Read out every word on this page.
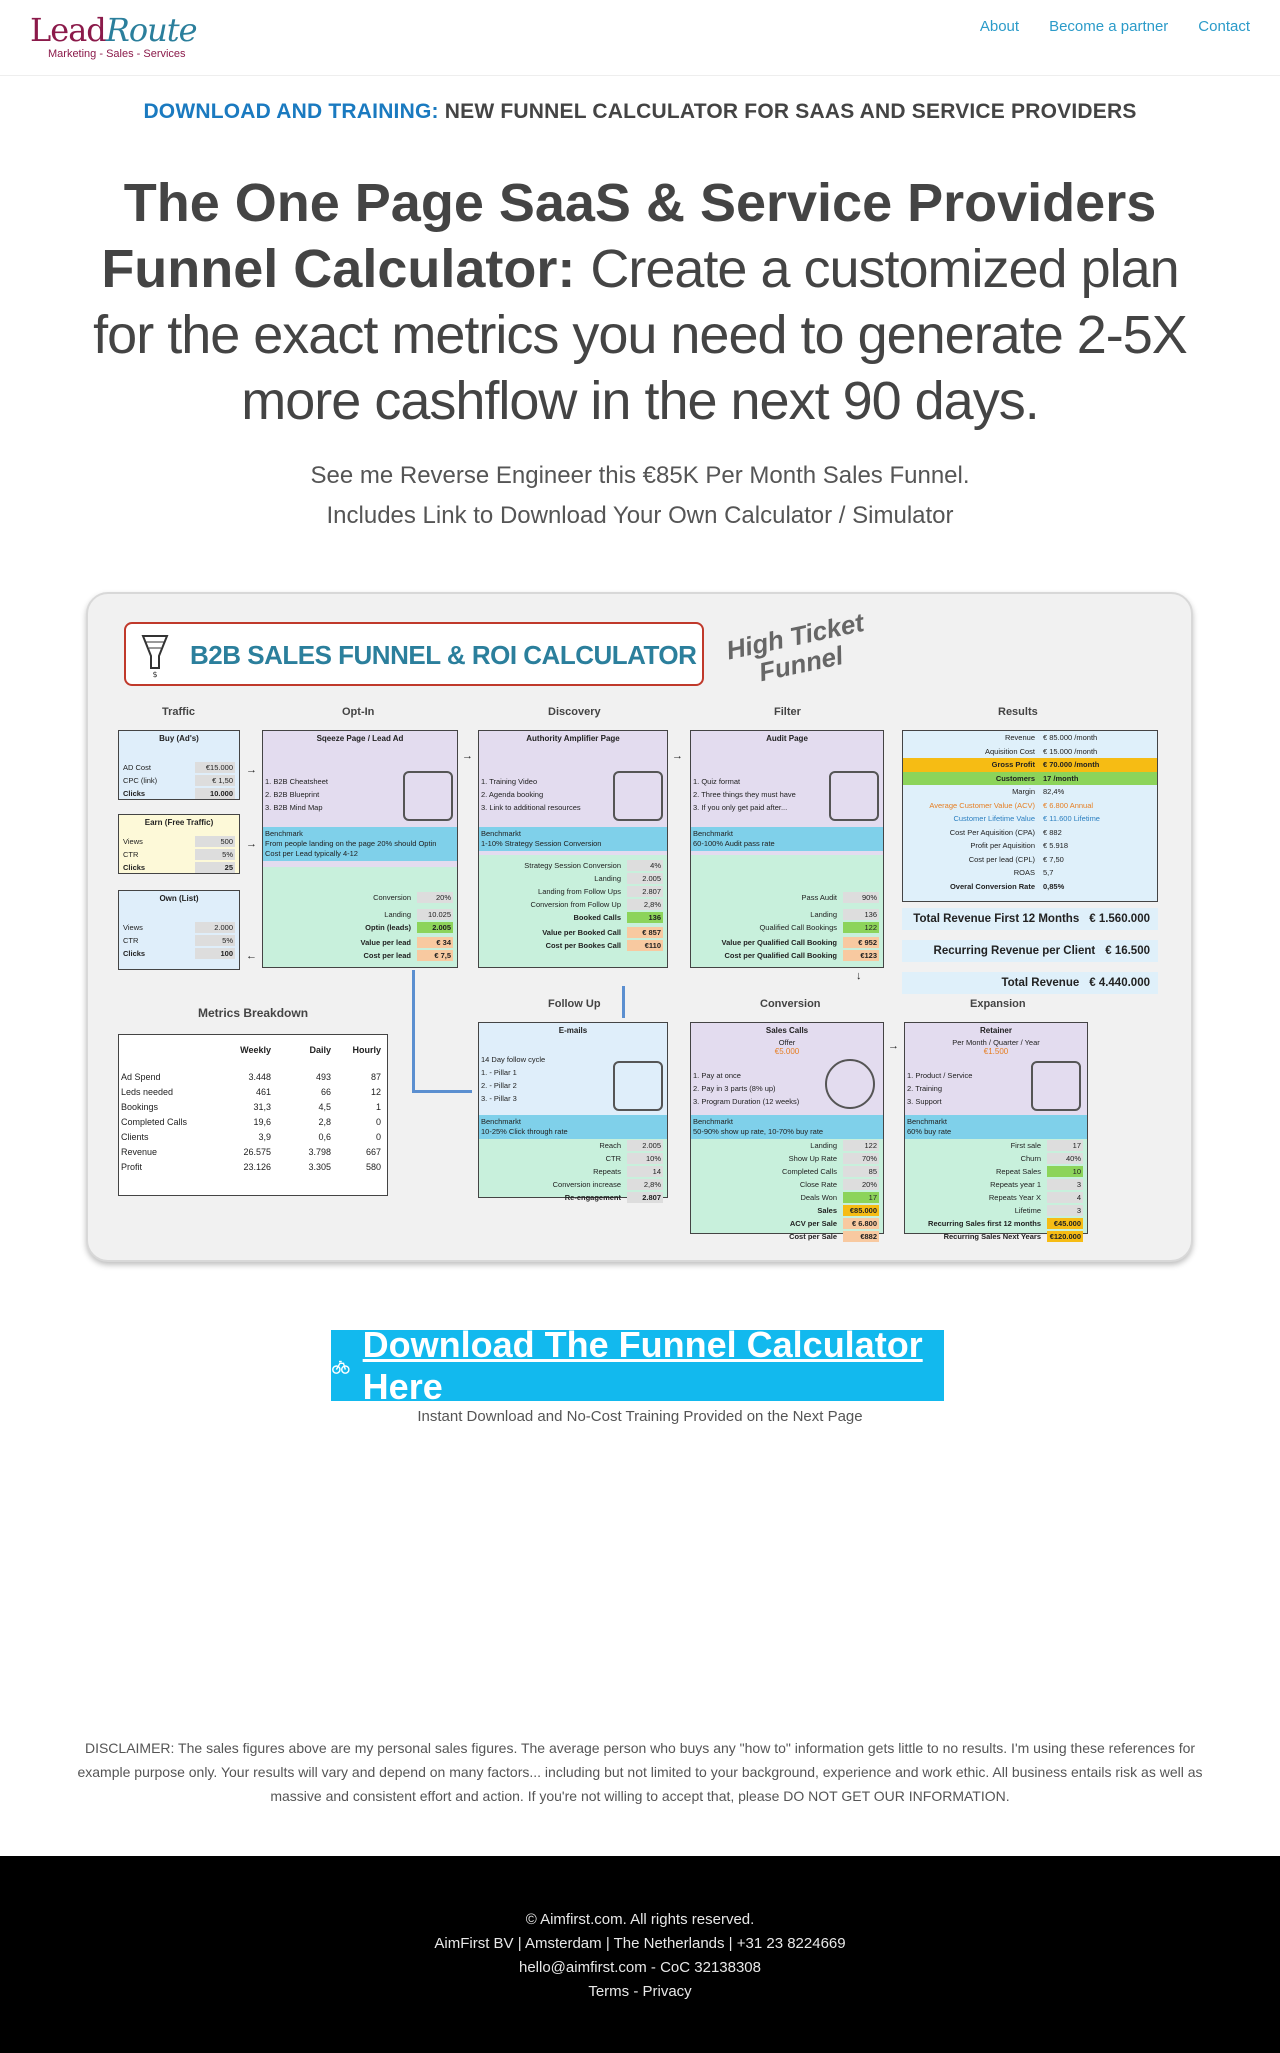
LeadRoute
Marketing - Sales - Services
About Become a partner Contact
DOWNLOAD AND TRAINING: NEW FUNNEL CALCULATOR FOR SAAS AND SERVICE PROVIDERS
The One Page SaaS & Service Providers
Funnel Calculator: Create a customized plan for the exact metrics you need to generate 2-5X more cashflow in the next 90 days.
See me Reverse Engineer this €85K Per Month Sales Funnel.
Includes Link to Download Your Own Calculator / Simulator
$
B2B SALES FUNNEL & ROI CALCULATOR High Ticket Funnel
Traffic	Opt-In	Discovery	Filter	Results
Buy (Ad's)
AD Cost	€15.000
CPC (link)	€ 1,50
Clicks	10.000
Earn (Free Traffic)
Views	500
CTR	5%
Clicks	25
Own (List)
Views	2.000
CTR	5%
Clicks	100
→
→
←
Sqeeze Page / Lead Ad
1. B2B Cheatsheet
2. B2B Blueprint
3. B2B Mind Map
Benchmark
From people landing on the page 20% should Optin
Cost per Lead typically 4-12
Conversion	20%
Landing	10.025
Optin (leads)	2.005
Value per lead	€ 34
Cost per lead	€ 7,5
→
Authority Amplifier Page
1. Training Video
2. Agenda booking
3. Link to additional resources
Benchmarkt
1-10% Strategy Session Conversion
Strategy Session Conversion	4%
Landing	2.005
Landing from Follow Ups	2.807
Conversion from Follow Up	2,8%
Booked Calls	136
Value per Booked Call	€ 857
Cost per Bookes Call	€110
→
Audit Page
1. Quiz format
2. Three things they must have
3. If you only get paid after...
Benchmarkt
60-100% Audit pass rate
Pass Audit	90%
Landing	136
Qualified Call Bookings	122
Value per Qualified Call Booking	€ 952
Cost per Qualified Call Booking	€123
↓
Revenue	€ 85.000 /month
Aquisition Cost	€ 15.000 /month
Gross Profit	€ 70.000 /month
Customers	17 /month
Margin	82,4%
Average Customer Value (ACV)	€ 6.800 Annual
Customer Lifetime Value	€ 11.600 Lifetime
Cost Per Aquisition (CPA)	€ 882
Profit per Aquisition	€ 5.918
Cost per lead (CPL)	€ 7,50
ROAS	5,7
Overal Conversion Rate	0,85%
Total Revenue First 12 Months € 1.560.000
Recurring Revenue per Client € 16.500
Total Revenue € 4.440.000
Follow Up	Conversion	Expansion
Metrics Breakdown
Weekly	Daily	Hourly
Ad Spend	3.448	493	87
Leds needed	461	66	12
Bookings	31,3	4,5	1
Completed Calls	19,6	2,8	0
Clients	3,9	0,6	0
Revenue	26.575	3.798	667
Profit	23.126	3.305	580
E-mails
14 Day follow cycle
1. - Pillar 1
2. - Pillar 2
3. - Pillar 3
Benchmarkt
10-25% Click through rate
Reach	2.005
CTR	10%
Repeats	14
Conversion increase	2,8%
Re-engagement	2.807
Sales Calls
Offer
€5.000
1. Pay at once
2. Pay in 3 parts (8% up)
3. Program Duration (12 weeks)
Benchmarkt
50-90% show up rate, 10-70% buy rate
Landing	122
Show Up Rate	70%
Completed Calls	85
Close Rate	20%
Deals Won	17
Sales	€85.000
ACV per Sale	€ 6.800
Cost per Sale	€882
→
Retainer
Per Month / Quarter / Year
€1.500
1. Product / Service
2. Training
3. Support
Benchmarkt
60% buy rate
First sale	17
Churn	40%
Repeat Sales	10
Repeats year 1	3
Repeats Year X	4
Lifetime	3
Recurring Sales first 12 months	€45.000
Recurring Sales Next Years	€120.000
Download The Funnel Calculator Here
Instant Download and No-Cost Training Provided on the Next Page

DISCLAIMER: The sales figures above are my personal sales figures. The average person who buys any "how to" information gets little to no results. I'm using these references for example purpose only. Your results will vary and depend on many factors... including but not limited to your background, experience and work ethic. All business entails risk as well as massive and consistent effort and action. If you're not willing to accept that, please DO NOT GET OUR INFORMATION.

© Aimfirst.com. All rights reserved.
AimFirst BV | Amsterdam | The Netherlands | +31 23 8224669
hello@aimfirst.com - CoC 32138308
Terms - Privacy
